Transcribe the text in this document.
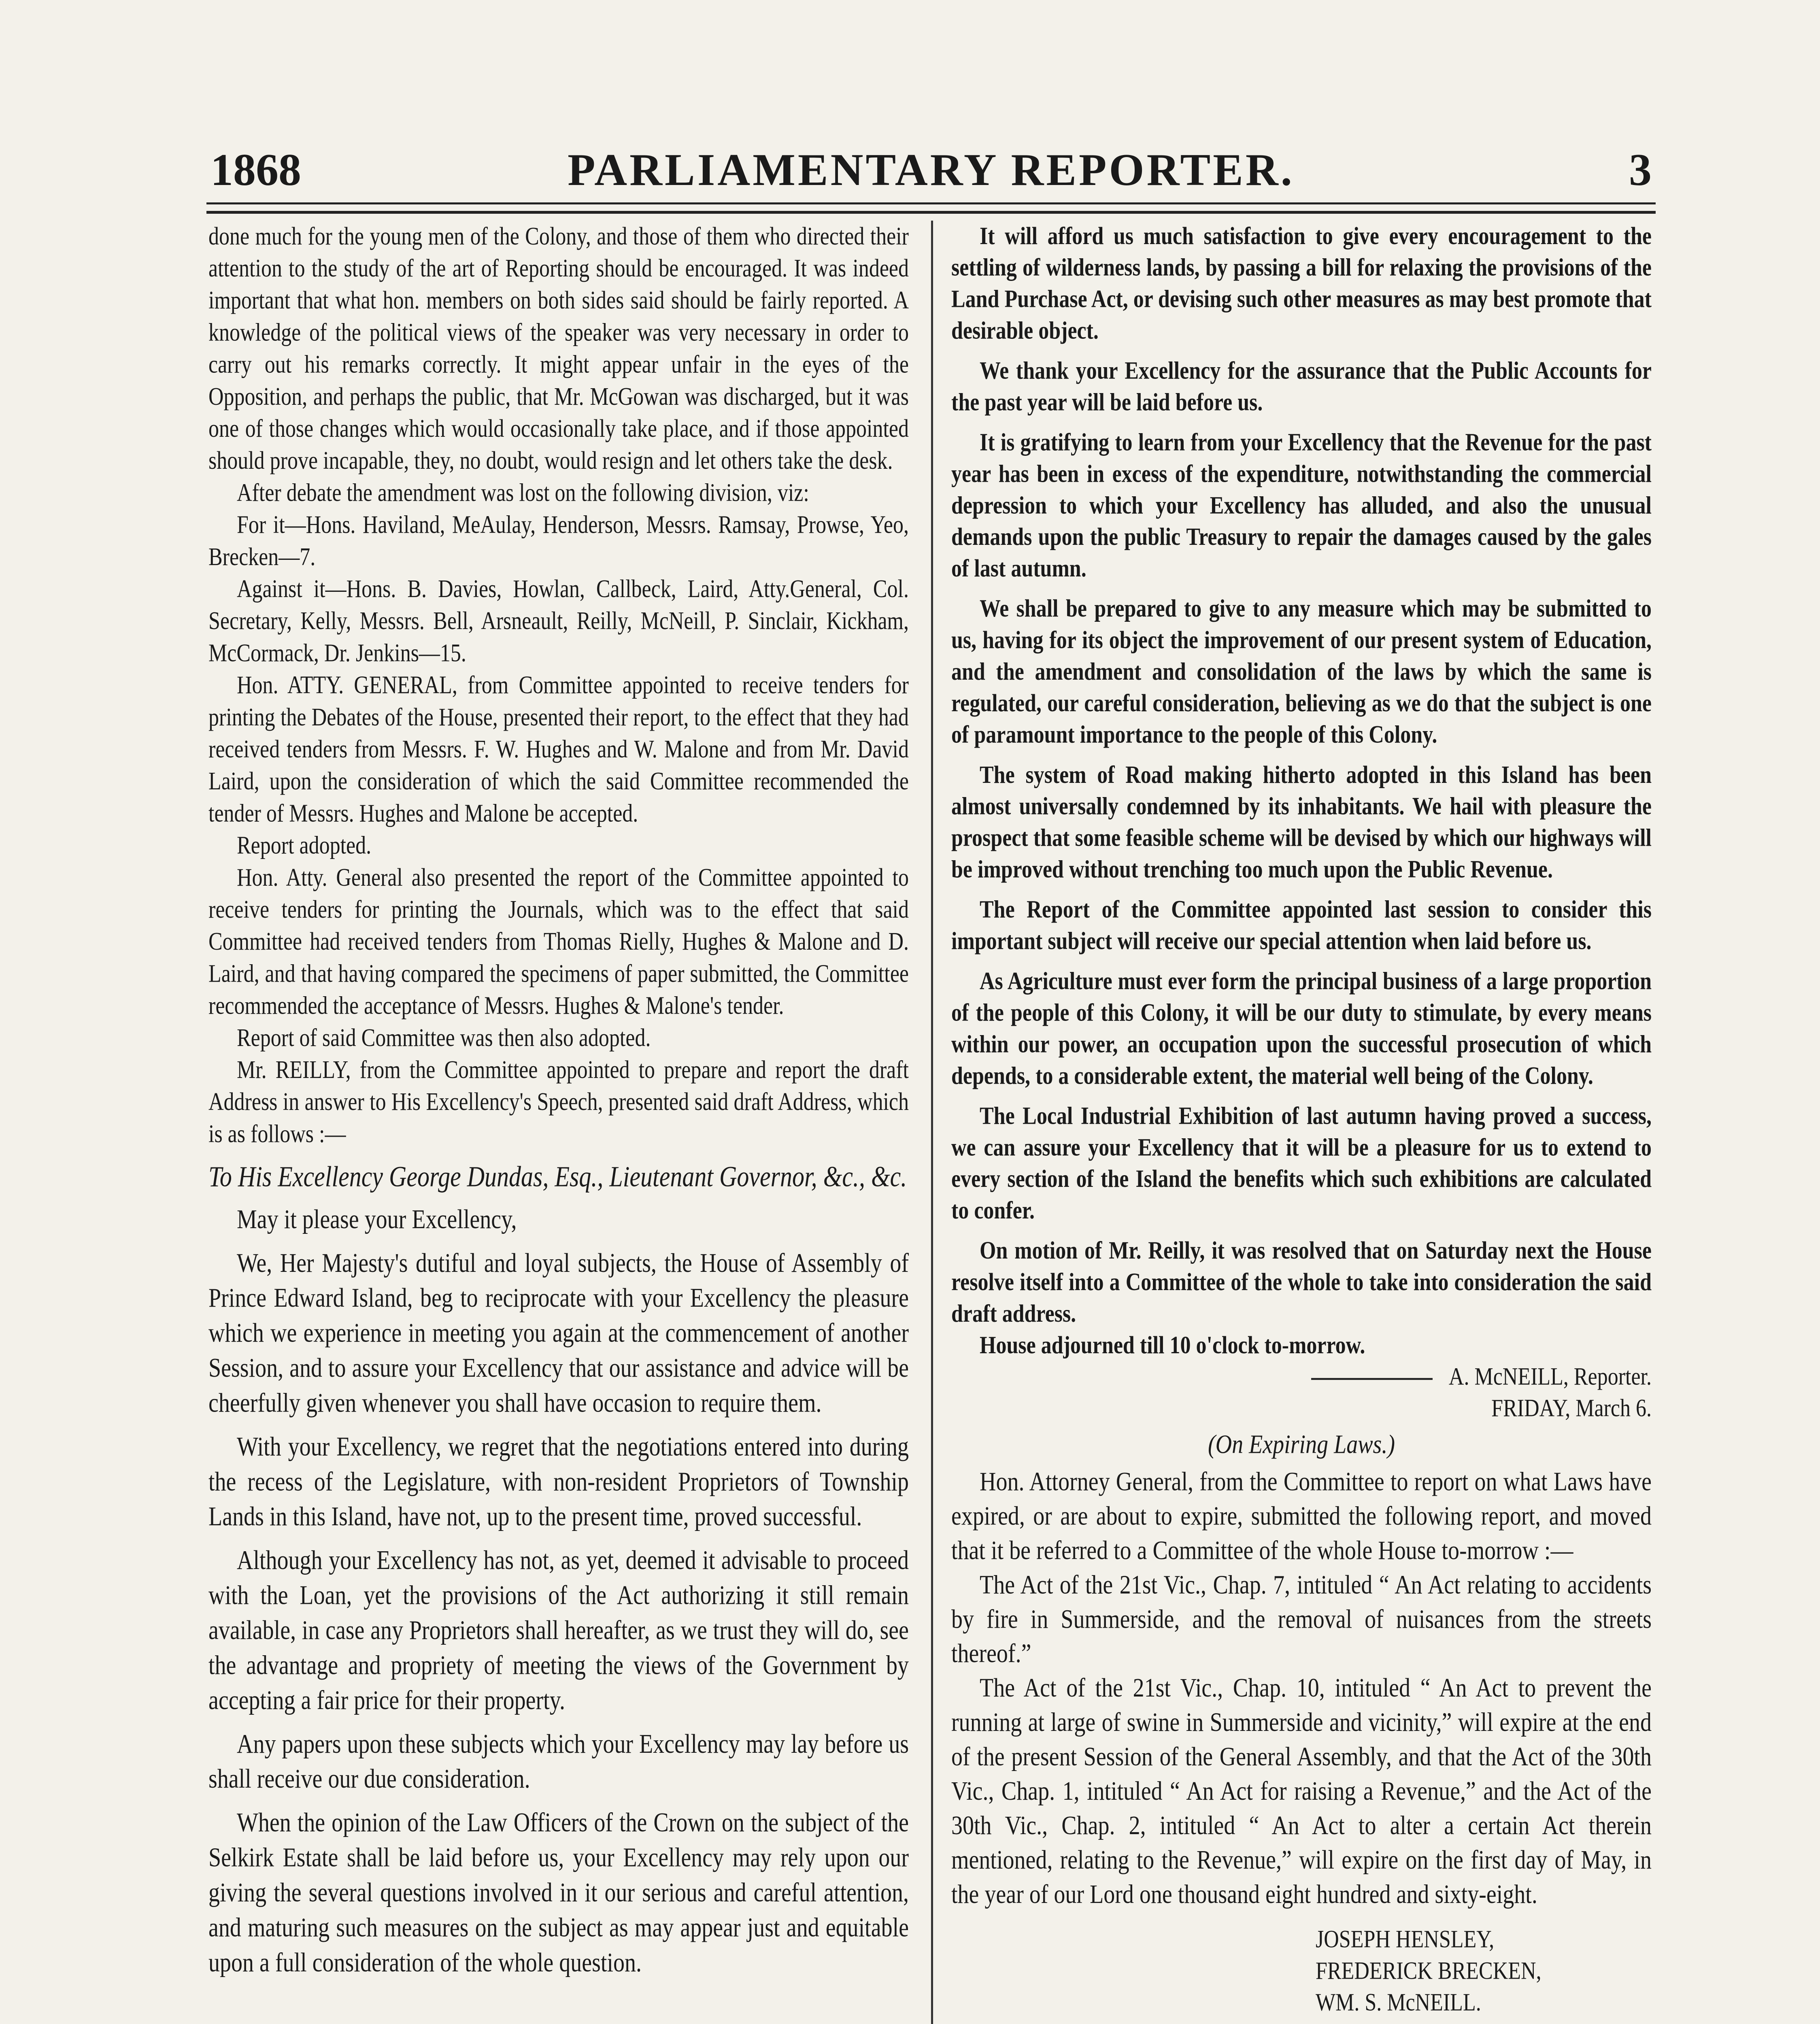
1868	PARLIAMENTARY REPORTER.	3

done much for the young men of the Colony, and those of them who directed their attention to the study of the art of Reporting should be encouraged. It was indeed important that what hon. members on both sides said should be fairly reported. A knowledge of the political views of the speaker was very necessary in order to carry out his remarks correctly. It might appear unfair in the eyes of the Opposition, and perhaps the public, that Mr. McGowan was discharged, but it was one of those changes which would occasionally take place, and if those appointed should prove incapable, they, no doubt, would resign and let others take the desk.

After debate the amendment was lost on the following division, viz:

For it—Hons. Haviland, MeAulay, Henderson, Messrs. Ramsay, Prowse, Yeo, Brecken—7.

Against it—Hons. B. Davies, Howlan, Callbeck, Laird, Atty.General, Col. Secretary, Kelly, Messrs. Bell, Arsneault, Reilly, McNeill, P. Sinclair, Kickham, McCormack, Dr. Jenkins—15.

Hon. ATTY. GENERAL, from Committee appointed to receive tenders for printing the Debates of the House, presented their report, to the effect that they had received tenders from Messrs. F. W. Hughes and W. Malone and from Mr. David Laird, upon the consideration of which the said Committee recommended the tender of Messrs. Hughes and Malone be accepted.

Report adopted.

Hon. Atty. General also presented the report of the Committee appointed to receive tenders for printing the Journals, which was to the effect that said Committee had received tenders from Thomas Rielly, Hughes & Malone and D. Laird, and that having compared the specimens of paper submitted, the Committee recommended the acceptance of Messrs. Hughes & Malone's tender.

Report of said Committee was then also adopted.

Mr. REILLY, from the Committee appointed to prepare and report the draft Address in answer to His Excellency's Speech, presented said draft Address, which is as follows :—

To His Excellency George Dundas, Esq., Lieutenant Governor, &c., &c.

May it please your Excellency,

We, Her Majesty's dutiful and loyal subjects, the House of Assembly of Prince Edward Island, beg to reciprocate with your Excellency the pleasure which we experience in meeting you again at the commencement of another Session, and to assure your Excellency that our assistance and advice will be cheerfully given whenever you shall have occasion to require them.

With your Excellency, we regret that the negotiations entered into during the recess of the Legislature, with non-resident Proprietors of Township Lands in this Island, have not, up to the present time, proved successful.

Although your Excellency has not, as yet, deemed it advisable to proceed with the Loan, yet the provisions of the Act authorizing it still remain available, in case any Proprietors shall hereafter, as we trust they will do, see the advantage and propriety of meeting the views of the Government by accepting a fair price for their property.

Any papers upon these subjects which your Excellency may lay before us shall receive our due consideration.

When the opinion of the Law Officers of the Crown on the subject of the Selkirk Estate shall be laid before us, your Excellency may rely upon our giving the several questions involved in it our serious and careful attention, and maturing such measures on the subject as may appear just and equitable upon a full consideration of the whole question.

It will afford us much satisfaction to give every encouragement to the settling of wilderness lands, by passing a bill for relaxing the provisions of the Land Purchase Act, or devising such other measures as may best promote that desirable object.

We thank your Excellency for the assurance that the Public Accounts for the past year will be laid before us.

It is gratifying to learn from your Excellency that the Revenue for the past year has been in excess of the expenditure, notwithstanding the commercial depression to which your Excellency has alluded, and also the unusual demands upon the public Treasury to repair the damages caused by the gales of last autumn.

We shall be prepared to give to any measure which may be submitted to us, having for its object the improvement of our present system of Education, and the amendment and consolidation of the laws by which the same is regulated, our careful consideration, believing as we do that the subject is one of paramount importance to the people of this Colony.

The system of Road making hitherto adopted in this Island has been almost universally condemned by its inhabitants. We hail with pleasure the prospect that some feasible scheme will be devised by which our highways will be improved without trenching too much upon the Public Revenue.

The Report of the Committee appointed last session to consider this important subject will receive our special attention when laid before us.

As Agriculture must ever form the principal business of a large proportion of the people of this Colony, it will be our duty to stimulate, by every means within our power, an occupation upon the successful prosecution of which depends, to a considerable extent, the material well being of the Colony.

The Local Industrial Exhibition of last autumn having proved a success, we can assure your Excellency that it will be a pleasure for us to extend to every section of the Island the benefits which such exhibitions are calculated to confer.

On motion of Mr. Reilly, it was resolved that on Saturday next the House resolve itself into a Committee of the whole to take into consideration the said draft address.

House adjourned till 10 o'clock to-morrow.

A. McNEILL, Reporter.

FRIDAY, March 6.

(On Expiring Laws.)

Hon. Attorney General, from the Committee to report on what Laws have expired, or are about to expire, submitted the following report, and moved that it be referred to a Committee of the whole House to-morrow :—

The Act of the 21st Vic., Chap. 7, intituled “ An Act relating to accidents by fire in Summerside, and the removal of nuisances from the streets thereof.”

The Act of the 21st Vic., Chap. 10, intituled “ An Act to prevent the running at large of swine in Summerside and vicinity,” will expire at the end of the present Session of the General Assembly, and that the Act of the 30th Vic., Chap. 1, intituled “ An Act for raising a Revenue,” and the Act of the 30th Vic., Chap. 2, intituled “ An Act to alter a certain Act therein mentioned, relating to the Revenue,” will expire on the first day of May, in the year of our Lord one thousand eight hundred and sixty-eight.

JOSEPH HENSLEY,

FREDERICK BRECKEN,

WM. S. McNEILL.
